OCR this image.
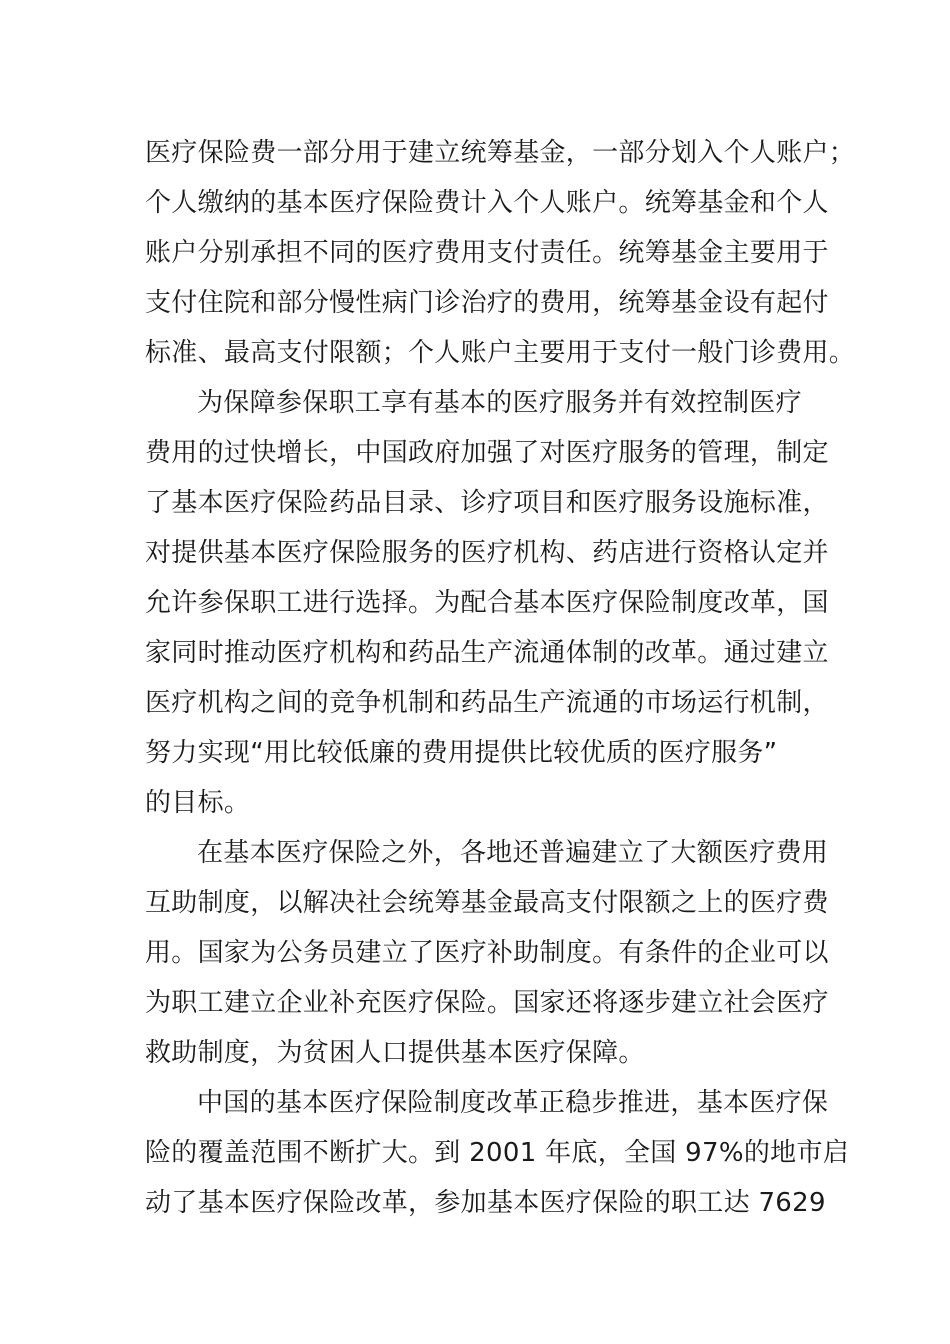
医疗保险费一部分用于建立统筹基金，一部分划入个人账户；
个人缴纳的基本医疗保险费计入个人账户。统筹基金和个人
账户分别承担不同的医疗费用支付责任。统筹基金主要用于
支付住院和部分慢性病门诊治疗的费用，统筹基金设有起付
标准、最高支付限额；个人账户主要用于支付一般门诊费用。
为保障参保职工享有基本的医疗服务并有效控制医疗
费用的过快增长，中国政府加强了对医疗服务的管理，制定
了基本医疗保险药品目录、诊疗项目和医疗服务设施标准，
对提供基本医疗保险服务的医疗机构、药店进行资格认定并
允许参保职工进行选择。为配合基本医疗保险制度改革，国
家同时推动医疗机构和药品生产流通体制的改革。通过建立
医疗机构之间的竞争机制和药品生产流通的市场运行机制，
努力实现“用比较低廉的费用提供比较优质的医疗服务”
的目标。
在基本医疗保险之外，各地还普遍建立了大额医疗费用
互助制度，以解决社会统筹基金最高支付限额之上的医疗费
用。国家为公务员建立了医疗补助制度。有条件的企业可以
为职工建立企业补充医疗保险。国家还将逐步建立社会医疗
救助制度，为贫困人口提供基本医疗保障。
中国的基本医疗保险制度改革正稳步推进，基本医疗保
险的覆盖范围不断扩大。到 2001 年底，全国 97%的地市启
动了基本医疗保险改革，参加基本医疗保险的职工达 7629
